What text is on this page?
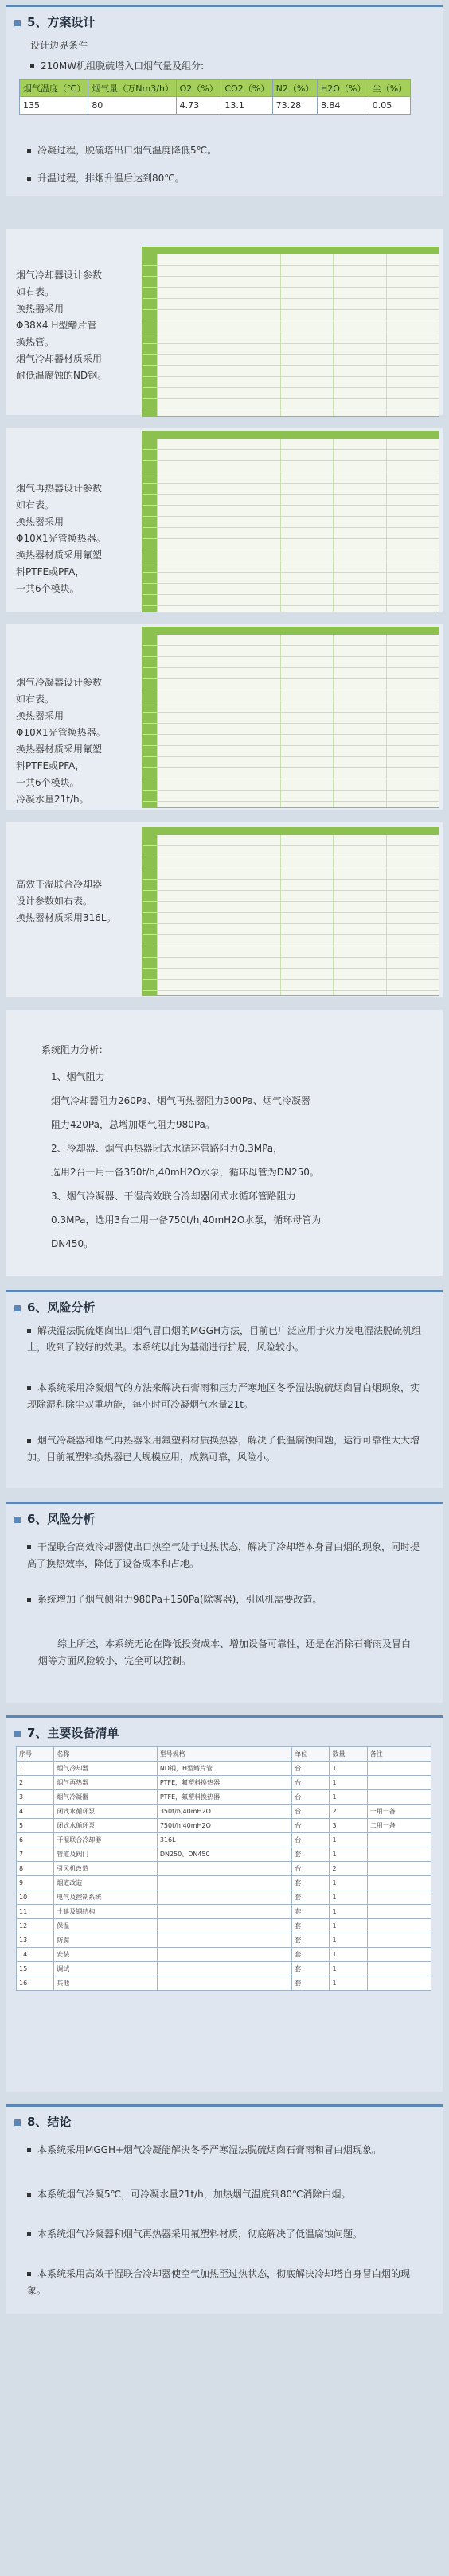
5、方案设计
设计边界条件
210MW机组脱硫塔入口烟气量及组分:
烟气温度（℃）	烟气量（万Nm3/h）	O2（%）	CO2（%）	N2（%）	H2O（%）	尘（%）
135	80	4.73	13.1	73.28	8.84	0.05
冷凝过程，脱硫塔出口烟气温度降低5℃。
升温过程，排烟升温后达到80℃。
烟气冷却器设计参数
如右表。
换热器采用
Φ38X4 H型鳍片管
换热管。
烟气冷却器材质采用
耐低温腐蚀的ND钢。
烟气再热器设计参数
如右表。
换热器采用
Φ10X1光管换热器。
换热器材质采用氟塑
料PTFE或PFA，
一共6个模块。
烟气冷凝器设计参数
如右表。
换热器采用
Φ10X1光管换热器。
换热器材质采用氟塑
料PTFE或PFA，
一共6个模块。
冷凝水量21t/h。
高效干湿联合冷却器
设计参数如右表。
换热器材质采用316L。
系统阻力分析：
1、烟气阻力
烟气冷却器阻力260Pa、烟气再热器阻力300Pa、烟气冷凝器
阻力420Pa，总增加烟气阻力980Pa。
2、冷却器、烟气再热器闭式水循环管路阻力0.3MPa，
选用2台一用一备350t/h,40mH2O水泵，循环母管为DN250。
3、烟气冷凝器、干湿高效联合冷却器闭式水循环管路阻力
0.3MPa，选用3台二用一备750t/h,40mH2O水泵，循环母管为
DN450。
6、风险分析
解决湿法脱硫烟囱出口烟气冒白烟的MGGH方法，目前已广泛应用于火力发电湿法脱硫机组上，收到了较好的效果。本系统以此为基础进行扩展，风险较小。
本系统采用冷凝烟气的方法来解决石膏雨和压力严寒地区冬季湿法脱硫烟囱冒白烟现象，实现除湿和除尘双重功能，每小时可冷凝烟气水量21t。
烟气冷凝器和烟气再热器采用氟塑料材质换热器，解决了低温腐蚀问题，运行可靠性大大增加。目前氟塑料换热器已大规模应用，成熟可靠，风险小。
6、风险分析
干湿联合高效冷却器使出口热空气处于过热状态，解决了冷却塔本身冒白烟的现象，同时提高了换热效率，降低了设备成本和占地。
系统增加了烟气侧阻力980Pa+150Pa(除雾器)，引风机需要改造。
综上所述，本系统无论在降低投资成本、增加设备可靠性，还是在消除石膏雨及冒白烟等方面风险较小，完全可以控制。
7、主要设备清单
序号	名称	型号规格	单位	数量	备注
1	烟气冷却器	ND钢，H型鳍片管	台	1	
2	烟气再热器	PTFE，氟塑料换热器	台	1	
3	烟气冷凝器	PTFE，氟塑料换热器	台	1	
4	闭式水循环泵	350t/h,40mH2O	台	2	一用一备
5	闭式水循环泵	750t/h,40mH2O	台	3	二用一备
6	干湿联合冷却器	316L	台	1	
7	管道及阀门	DN250、DN450	套	1	
8	引风机改造		台	2	
9	烟道改造		套	1	
10	电气及控制系统		套	1	
11	土建及钢结构		套	1	
12	保温		套	1	
13	防腐		套	1	
14	安装		套	1	
15	调试		套	1	
16	其他		套	1	
8、结论
本系统采用MGGH+烟气冷凝能解决冬季严寒湿法脱硫烟囱石膏雨和冒白烟现象。
本系统烟气冷凝5℃，可冷凝水量21t/h，加热烟气温度到80℃消除白烟。
本系统烟气冷凝器和烟气再热器采用氟塑料材质，彻底解决了低温腐蚀问题。
本系统采用高效干湿联合冷却器使空气加热至过热状态，彻底解决冷却塔自身冒白烟的现象。
